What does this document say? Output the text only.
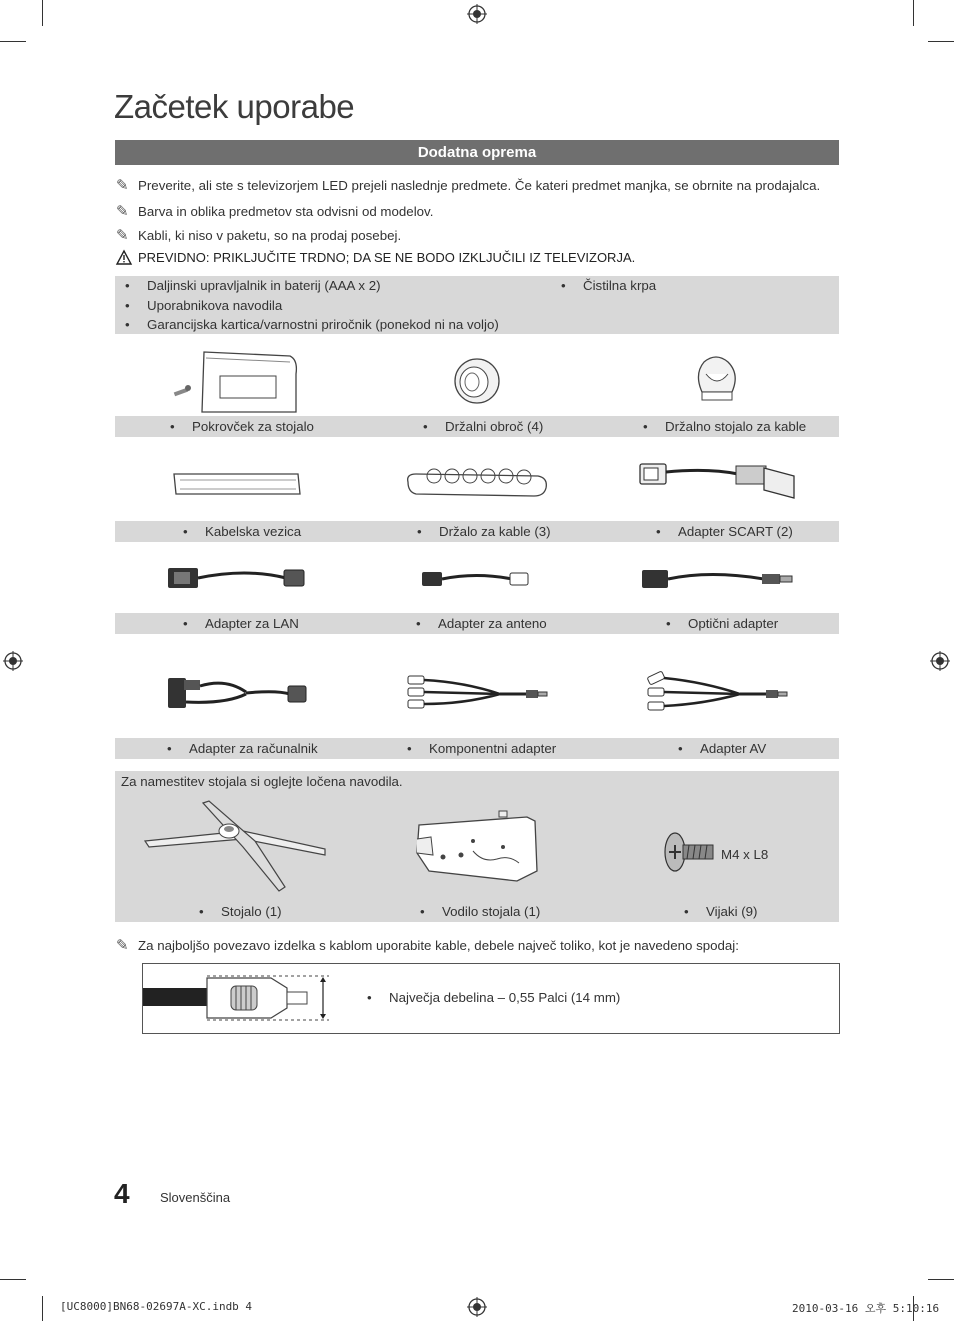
Začetek uporabe
Dodatna oprema
✎ Preverite, ali ste s televizorjem LED prejeli naslednje predmete. Če kateri predmet manjka, se obrnite na prodajalca.
✎ Barva in oblika predmetov sta odvisni od modelov.
✎ Kabli, ki niso v paketu, so na prodaj posebej.
PREVIDNO: PRIKLJUČITE TRDNO; DA SE NE BODO IZKLJUČILI IZ TELEVIZORJA.
• Daljinski upravljalnik in baterij (AAA x 2)
• Uporabnikova navodila
• Garancijska kartica/varnostni priročnik (ponekod ni na voljo)
• Čistilna krpa
• Pokrovček za stojalo	• Držalni obroč (4)	• Držalno stojalo za kable
• Kabelska vezica	• Držalo za kable (3)	• Adapter SCART (2)
• Adapter za LAN	• Adapter za anteno	• Optični adapter
• Adapter za računalnik	• Komponentni adapter	• Adapter AV
Za namestitev stojala si oglejte ločena navodila.
M4 x L8
• Stojalo (1)	• Vodilo stojala (1)	• Vijaki (9)
✎ Za najboljšo povezavo izdelka s kablom uporabite kable, debele največ toliko, kot je navedeno spodaj:
• Največja debelina – 0,55 Palci (14 mm)
4 Slovenščina
[UC8000]BN68-02697A-XC.indb 4	2010-03-16 오후 5:10:16
